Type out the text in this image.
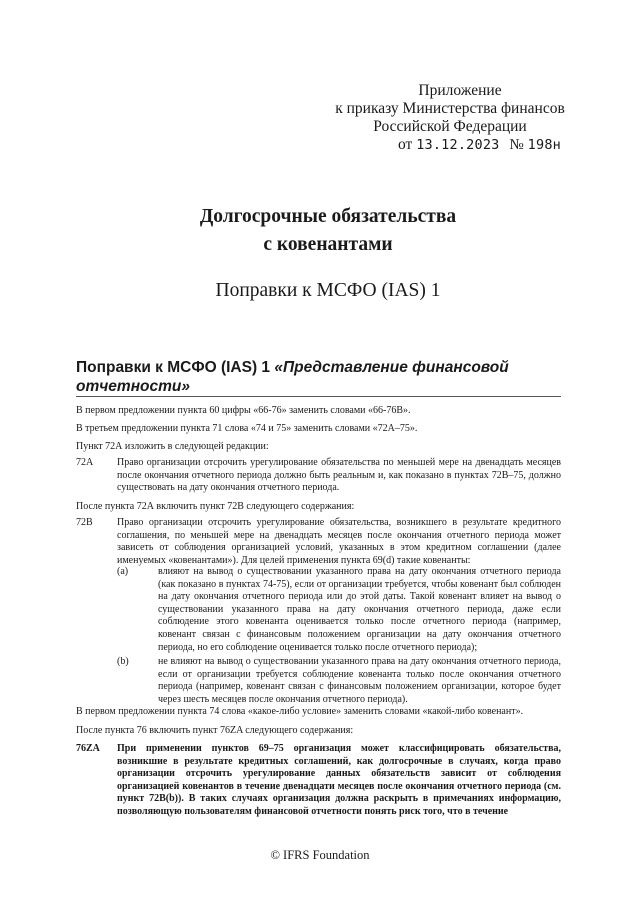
Приложение
к приказу Министерства финансов
Российской Федерации
от 13.12.2023 № 198н
Долгосрочные обязательства
с ковенантами
Поправки к МСФО (IAS) 1
Поправки к МСФО (IAS) 1 «Представление финансовой отчетности»
В первом предложении пункта 60 цифры «66-76» заменить словами «66-76В».
В третьем предложении пункта 71 слова «74 и 75» заменить словами «72А–75».
Пункт 72А изложить в следующей редакции:
72А Право организации отсрочить урегулирование обязательства по меньшей мере на двенадцать месяцев после окончания отчетного периода должно быть реальным и, как показано в пунктах 72В–75, должно существовать на дату окончания отчетного периода.
После пункта 72А включить пункт 72В следующего содержания:
72В Право организации отсрочить урегулирование обязательства, возникшего в результате кредитного соглашения, по меньшей мере на двенадцать месяцев после окончания отчетного периода может зависеть от соблюдения организацией условий, указанных в этом кредитном соглашении (далее именуемых «ковенантами»). Для целей применения пункта 69(d) такие ковенанты:
(а)	влияют на вывод о существовании указанного права на дату окончания отчетного периода (как показано в пунктах 74-75), если от организации требуется, чтобы ковенант был соблюден на дату окончания отчетного периода или до этой даты. Такой ковенант влияет на вывод о существовании указанного права на дату окончания отчетного периода, даже если соблюдение этого ковенанта оценивается только после отчетного периода (например, ковенант связан с финансовым положением организации на дату окончания отчетного периода, но его соблюдение оценивается только после отчетного периода);
(b)	не влияют на вывод о существовании указанного права на дату окончания отчетного периода, если от организации требуется соблюдение ковенанта только после окончания отчетного периода (например, ковенант связан с финансовым положением организации, которое будет через шесть месяцев после окончания отчетного периода).
В первом предложении пункта 74 слова «какое-либо условие» заменить словами «какой-либо ковенант».
После пункта 76 включить пункт 76ZA следующего содержания:
76ZA При применении пунктов 69–75 организация может классифицировать обязательства, возникшие в результате кредитных соглашений, как долгосрочные в случаях, когда право организации отсрочить урегулирование данных обязательств зависит от соблюдения организацией ковенантов в течение двенадцати месяцев после окончания отчетного периода (см. пункт 72В(b)). В таких случаях организация должна раскрыть в примечаниях информацию, позволяющую пользователям финансовой отчетности понять риск того, что в течение
© IFRS Foundation
